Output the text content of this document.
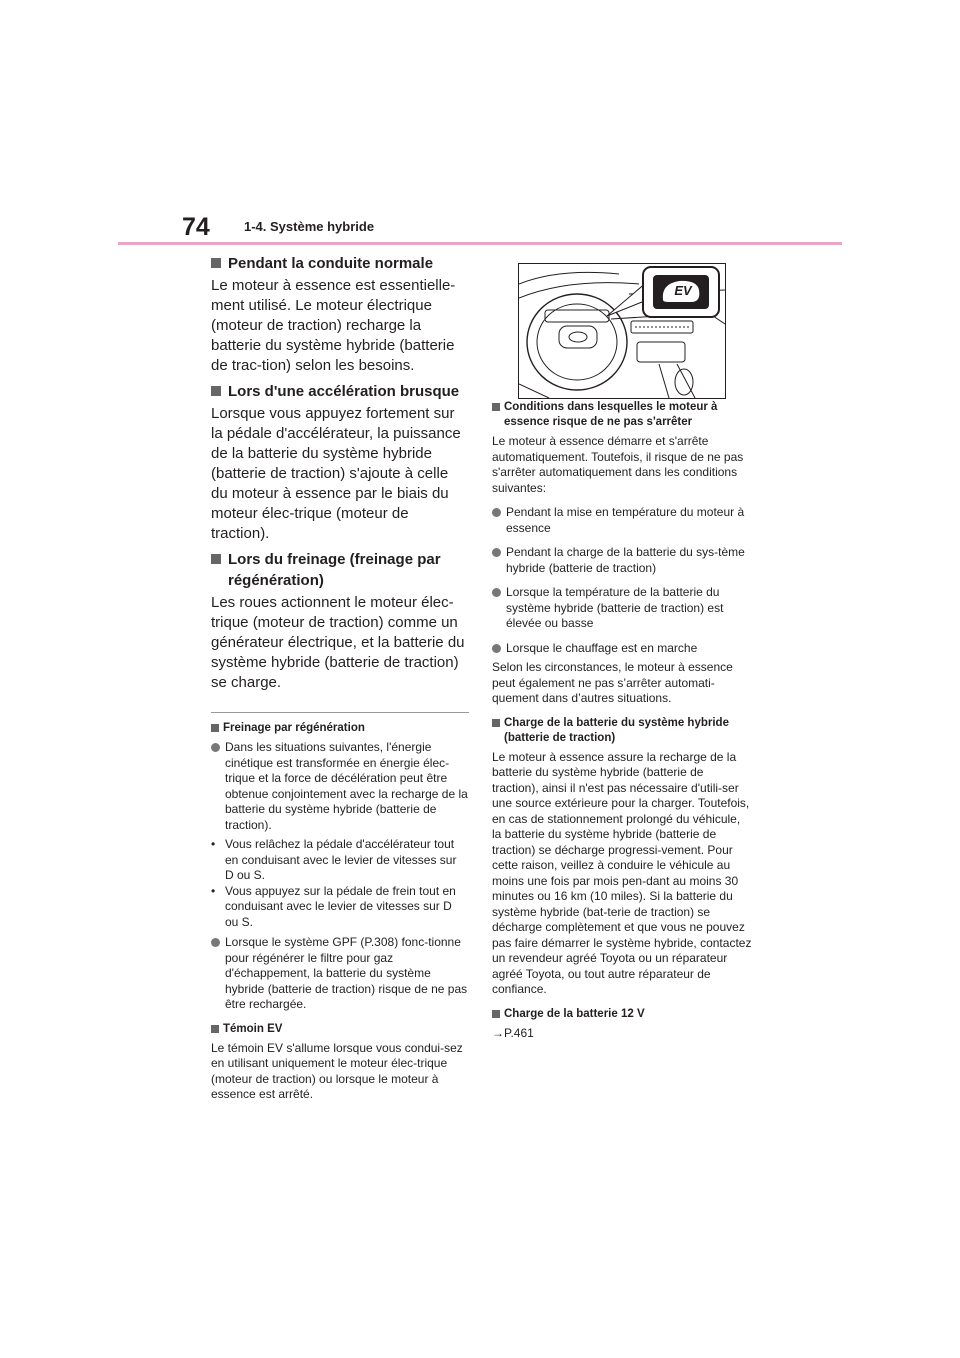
74	1-4. Système hybride
Pendant la conduite normale

Le moteur à essence est essentielle-ment utilisé. Le moteur électrique (moteur de traction) recharge la batterie du système hybride (batterie de trac-tion) selon les besoins.

Lors d'une accélération brusque

Lorsque vous appuyez fortement sur la pédale d'accélérateur, la puissance de la batterie du système hybride (batterie de traction) s'ajoute à celle du moteur à essence par le biais du moteur élec-trique (moteur de traction).

Lors du freinage (freinage par régénération)

Les roues actionnent le moteur élec-trique (moteur de traction) comme un générateur électrique, et la batterie du système hybride (batterie de traction) se charge.

Freinage par régénération
Dans les situations suivantes, l'énergie cinétique est transformée en énergie élec-trique et la force de décélération peut être obtenue conjointement avec la recharge de la batterie du système hybride (batterie de traction).
• Vous relâchez la pédale d'accélérateur tout en conduisant avec le levier de vitesses sur D ou S.
• Vous appuyez sur la pédale de frein tout en conduisant avec le levier de vitesses sur D ou S.
Lorsque le système GPF (P.308) fonc-tionne pour régénérer le filtre pour gaz d'échappement, la batterie du système hybride (batterie de traction) risque de ne pas être rechargée.
Témoin EV

Le témoin EV s'allume lorsque vous condui-sez en utilisant uniquement le moteur élec-trique (moteur de traction) ou lorsque le moteur à essence est arrêté.

EV
Conditions dans lesquelles le moteur à essence risque de ne pas s'arrêter

Le moteur à essence démarre et s'arrête automatiquement. Toutefois, il risque de ne pas s'arrêter automatiquement dans les conditions suivantes:

Pendant la mise en température du moteur à essence
Pendant la charge de la batterie du sys-tème hybride (batterie de traction)
Lorsque la température de la batterie du système hybride (batterie de traction) est élevée ou basse
Lorsque le chauffage est en marche

Selon les circonstances, le moteur à essence peut également ne pas s’arrêter automati-quement dans d’autres situations.

Charge de la batterie du système hybride (batterie de traction)

Le moteur à essence assure la recharge de la batterie du système hybride (batterie de traction), ainsi il n'est pas nécessaire d'utili-ser une source extérieure pour la charger. Toutefois, en cas de stationnement prolongé du véhicule, la batterie du système hybride (batterie de traction) se décharge progressi-vement. Pour cette raison, veillez à conduire le véhicule au moins une fois par mois pen-dant au moins 30 minutes ou 16 km (10 miles). Si la batterie du système hybride (bat-terie de traction) se décharge complètement et que vous ne pouvez pas faire démarrer le système hybride, contactez un revendeur agréé Toyota ou un réparateur agréé Toyota, ou tout autre réparateur de confiance.

Charge de la batterie 12 V

→P.461
